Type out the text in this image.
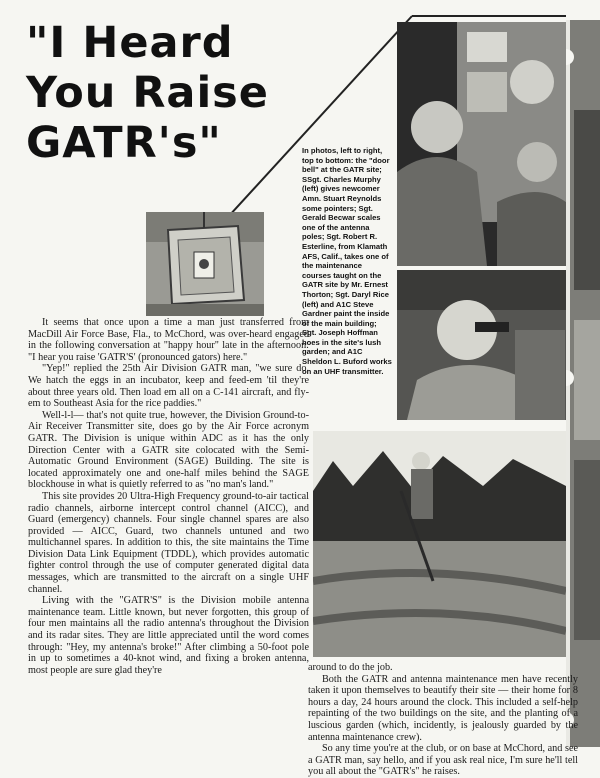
"I Heard
You Raise
GATR's"	In photos, left to right, top to bottom: the "door bell" at the GATR site; SSgt. Charles Murphy (left) gives newcomer Amn. Stuart Reynolds some pointers; Sgt. Gerald Becwar scales one of the antenna poles; Sgt. Robert R. Esterline, from Klamath AFS, Calif., takes one of the maintenance courses taught on the GATR site by Mr. Ernest Thorton; Sgt. Daryl Rice (left) and A1C Steve Gardner paint the inside of the main building; Sgt. Joseph Hoffman hoes in the site's lush garden; and A1C Sheldon L. Buford works on an UHF transmitter.

It seems that once upon a time a man just transferred from MacDill Air Force Base, Fla., to McChord, was over-heard engaged in the following conversation at "happy hour" late in the afternoon: "I hear you raise 'GATR'S' (pronounced gators) here."

"Yep!" replied the 25th Air Division GATR man, "we sure do. We hatch the eggs in an incubator, keep and feed-em 'til they're about three years old. Then load em all on a C-141 aircraft, and fly-em to Southeast Asia for the rice paddies."

Well-l-l— that's not quite true, however, the Division Ground-to-Air Receiver Transmitter site, does go by the Air Force acronym GATR. The Division is unique within ADC as it has the only Direction Center with a GATR site colocated with the Semi-Automatic Ground Environment (SAGE) Building. The site is located approximately one and one-half miles behind the SAGE blockhouse in what is quietly referred to as "no man's land."

This site provides 20 Ultra-High Frequency ground-to-air tactical radio channels, airborne intercept control channel (AICC), and Guard (emergency) channels. Four single channel spares are also provided — AICC, Guard, two channels untuned and two multichannel spares. In addition to this, the site maintains the Time Division Data Link Equipment (TDDL), which provides automatic fighter control through the use of computer generated digital data messages, which are transmitted to the aircraft on a single UHF channel.

Living with the "GATR'S" is the Division mobile antenna maintenance team. Little known, but never forgotten, this group of four men maintains all the radio antenna's throughout the Division and its radar sites. They are little appreciated until the word comes through: "Hey, my antenna's broke!" After climbing a 50-foot pole in up to sometimes a 40-knot wind, and fixing a broken antenna, most people are sure glad they're	around to do the job.

Both the GATR and antenna maintenance men have recently taken it upon themselves to beautify their site — their home for 8 hours a day, 24 hours around the clock. This included a self-help repainting of the two buildings on the site, and the planting of a luscious garden (which, incidently, is jealously guarded by the antenna maintenance crew).

So any time you're at the club, or on base at McChord, and see a GATR man, say hello, and if you ask real nice, I'm sure he'll tell you all about the "GATR's" he raises.
